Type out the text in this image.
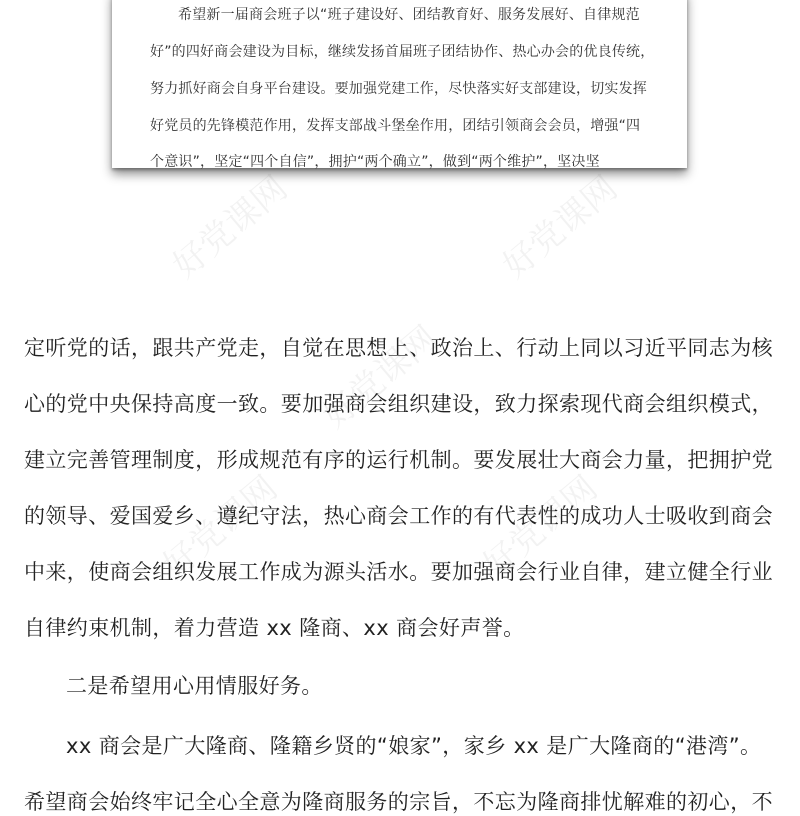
好党课网	好党课网
好党课网
好党课网	好党课网
希望新一届商会班子以“班子建设好、团结教育好、服务发展好、自律规范
好”的四好商会建设为目标，继续发扬首届班子团结协作、热心办会的优良传统，
努力抓好商会自身平台建设。要加强党建工作，尽快落实好支部建设，切实发挥
好党员的先锋模范作用，发挥支部战斗堡垒作用，团结引领商会会员，增强“四
个意识”，坚定“四个自信”，拥护“两个确立”，做到“两个维护”，坚决坚
定听党的话，跟共产党走，自觉在思想上、政治上、行动上同以习近平同志为核
心的党中央保持高度一致。要加强商会组织建设，致力探索现代商会组织模式，
建立完善管理制度，形成规范有序的运行机制。要发展壮大商会力量，把拥护党
的领导、爱国爱乡、遵纪守法，热心商会工作的有代表性的成功人士吸收到商会
中来，使商会组织发展工作成为源头活水。要加强商会行业自律，建立健全行业
自律约束机制，着力营造 xx 隆商、xx 商会好声誉。
二是希望用心用情服好务。
xx 商会是广大隆商、隆籍乡贤的“娘家”，家乡 xx 是广大隆商的“港湾”。
希望商会始终牢记全心全意为隆商服务的宗旨，不忘为隆商排忧解难的初心，不
